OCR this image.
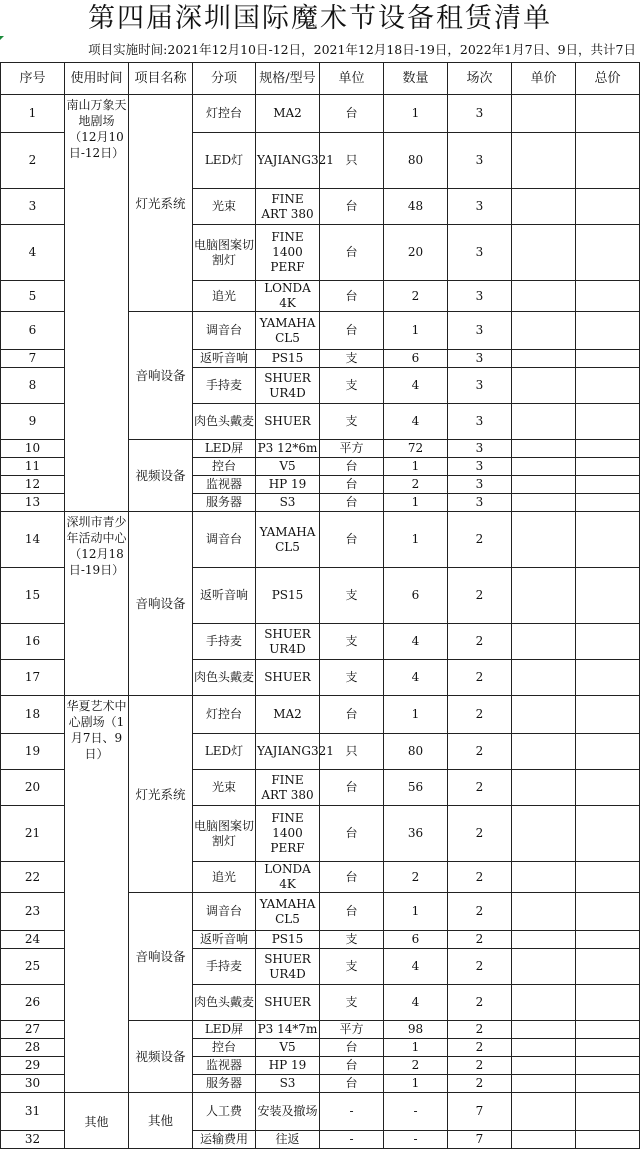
第四届深圳国际魔术节设备租赁清单
项目实施时间:2021年12月10日-12日，2021年12月18日-19日，2022年1月7日、9日，共计7日
序号	使用时间	项目名称	分项	规格/型号	单位	数量	场次	单价	总价
1	南山万象天地剧场（12月10日-12日）	灯光系统	灯控台	MA2	台	1	3		
2			LED灯	YAJIANG321	只	80	3		
3			光束	FINE ART 380	台	48	3		
4			电脑图案切割灯	FINE 1400 PERF	台	20	3		
5			追光	LONDA 4K	台	2	3		
6		音响设备	调音台	YAMAHA CL5	台	1	3		
7			返听音响	PS15	支	6	3		
8			手持麦	SHUER UR4D	支	4	3		
9			肉色头戴麦	SHUER	支	4	3		
10		视频设备	LED屏	P3 12*6m	平方	72	3		
11			控台	V5	台	1	3		
12			监视器	HP 19	台	2	3		
13			服务器	S3	台	1	3		
14	深圳市青少年活动中心（12月18日-19日）	音响设备	调音台	YAMAHA CL5	台	1	2		
15			返听音响	PS15	支	6	2		
16			手持麦	SHUER UR4D	支	4	2		
17			肉色头戴麦	SHUER	支	4	2		
18	华夏艺术中心剧场（1月7日、9日）	灯光系统	灯控台	MA2	台	1	2		
19			LED灯	YAJIANG321	只	80	2		
20			光束	FINE ART 380	台	56	2		
21			电脑图案切割灯	FINE 1400 PERF	台	36	2		
22			追光	LONDA 4K	台	2	2		
23		音响设备	调音台	YAMAHA CL5	台	1	2		
24			返听音响	PS15	支	6	2		
25			手持麦	SHUER UR4D	支	4	2		
26			肉色头戴麦	SHUER	支	4	2		
27		视频设备	LED屏	P3 14*7m	平方	98	2		
28			控台	V5	台	1	2		
29			监视器	HP 19	台	2	2		
30			服务器	S3	台	1	2		
31	其他	其他	人工费	安装及撤场	-	-	7		
32			运输费用	往返	-	-	7		
